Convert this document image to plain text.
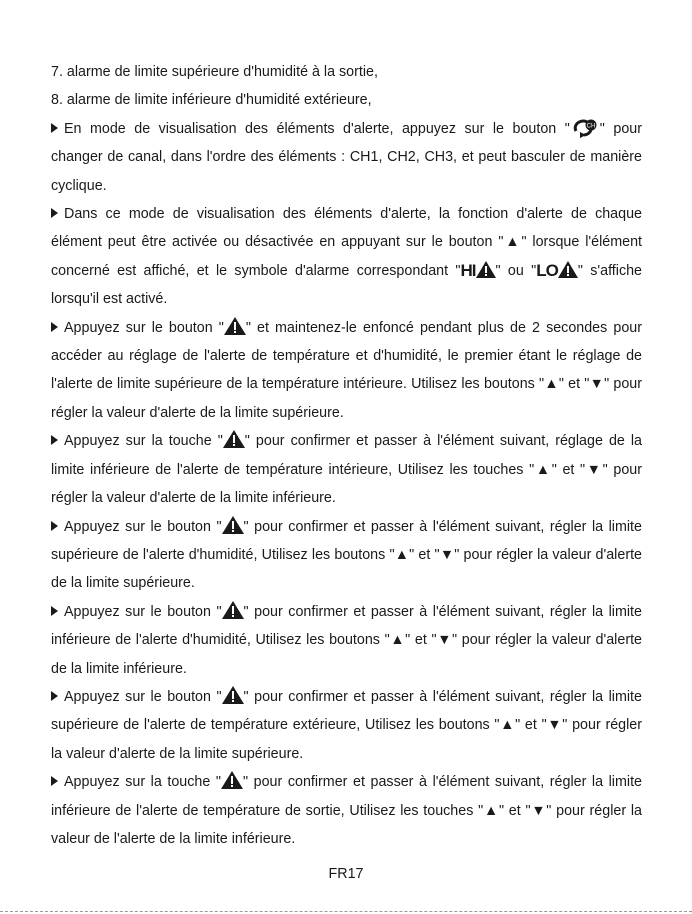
7. alarme de limite supérieure d'humidité à la sortie,
8. alarme de limite inférieure d'humidité extérieure,
En mode de visualisation des éléments d'alerte, appuyez sur le bouton "	CH " pour changer de canal, dans l'ordre des éléments : CH1, CH2, CH3, et peut basculer de manière cyclique.
Dans ce mode de visualisation des éléments d'alerte, la fonction d'alerte de chaque élément peut être activée ou désactivée en appuyant sur le bouton "▲" lorsque l'élément concerné est affiché, et le symbole d'alarme correspondant "HI " ou "LO " s'affiche lorsqu'il est activé.
Appuyez sur le bouton " " et maintenez-le enfoncé pendant plus de 2 secondes pour accéder au réglage de l'alerte de température et d'humidité, le premier étant le réglage de l'alerte de limite supérieure de la température intérieure. Utilisez les boutons "▲" et "▼" pour régler la valeur d'alerte de la limite supérieure.
Appuyez sur la touche " " pour confirmer et passer à l'élément suivant, réglage de la limite inférieure de l'alerte de température intérieure, Utilisez les touches "▲" et "▼" pour régler la valeur d'alerte de la limite inférieure.
Appuyez sur le bouton " " pour confirmer et passer à l'élément suivant, régler la limite supérieure de l'alerte d'humidité, Utilisez les boutons "▲" et "▼" pour régler la valeur d'alerte de la limite supérieure.
Appuyez sur le bouton " " pour confirmer et passer à l'élément suivant, régler la limite inférieure de l'alerte d'humidité, Utilisez les boutons "▲" et "▼" pour régler la valeur d'alerte de la limite inférieure.
Appuyez sur le bouton " " pour confirmer et passer à l'élément suivant, régler la limite supérieure de l'alerte de température extérieure, Utilisez les boutons "▲" et "▼" pour régler la valeur d'alerte de la limite supérieure.
Appuyez sur la touche " " pour confirmer et passer à l'élément suivant, régler la limite inférieure de l'alerte de température de sortie, Utilisez les touches "▲" et "▼" pour régler la valeur de l'alerte de la limite inférieure.
FR17
